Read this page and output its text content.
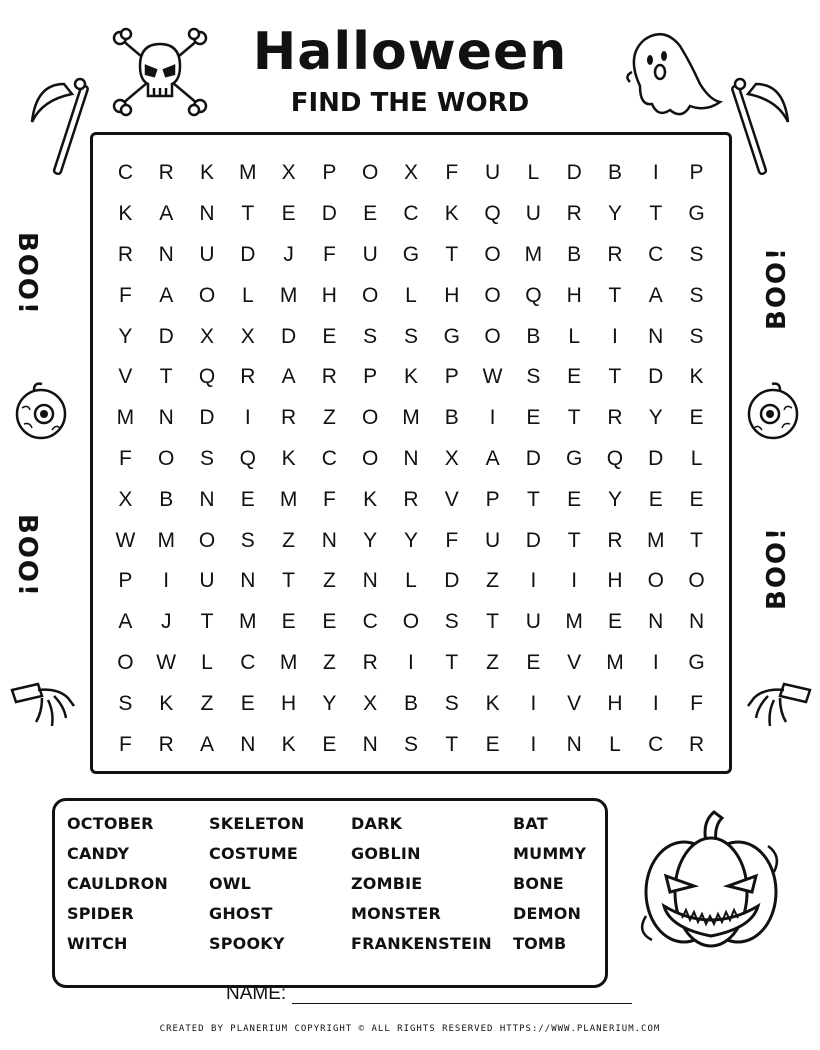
Halloween
FIND THE WORD
C	R	K	M	X	P	O	X	F	U	L	D	B	I	P
K	A	N	T	E	D	E	C	K	Q	U	R	Y	T	G
R	N	U	D	J	F	U	G	T	O	M	B	R	C	S
F	A	O	L	M	H	O	L	H	O	Q	H	T	A	S
Y	D	X	X	D	E	S	S	G	O	B	L	I	N	S
V	T	Q	R	A	R	P	K	P	W	S	E	T	D	K
M	N	D	I	R	Z	O	M	B	I	E	T	R	Y	E
F	O	S	Q	K	C	O	N	X	A	D	G	Q	D	L
X	B	N	E	M	F	K	R	V	P	T	E	Y	E	E
W	M	O	S	Z	N	Y	Y	F	U	D	T	R	M	T
P	I	U	N	T	Z	N	L	D	Z	I	I	H	O	O
A	J	T	M	E	E	C	O	S	T	U	M	E	N	N
O	W	L	C	M	Z	R	I	T	Z	E	V	M	I	G
S	K	Z	E	H	Y	X	B	S	K	I	V	H	I	F
F	R	A	N	K	E	N	S	T	E	I	N	L	C	R
BOO!
BOO!
BOO!
BOO!
OCTOBER	SKELETON	DARK	BAT
CANDY	COSTUME	GOBLIN	MUMMY
CAULDRON	OWL	ZOMBIE	BONE
SPIDER	GHOST	MONSTER	DEMON
WITCH	SPOOKY	FRANKENSTEIN	TOMB
NAME:
CREATED BY PLANERIUM COPYRIGHT © ALL RIGHTS RESERVED HTTPS://WWW.PLANERIUM.COM
